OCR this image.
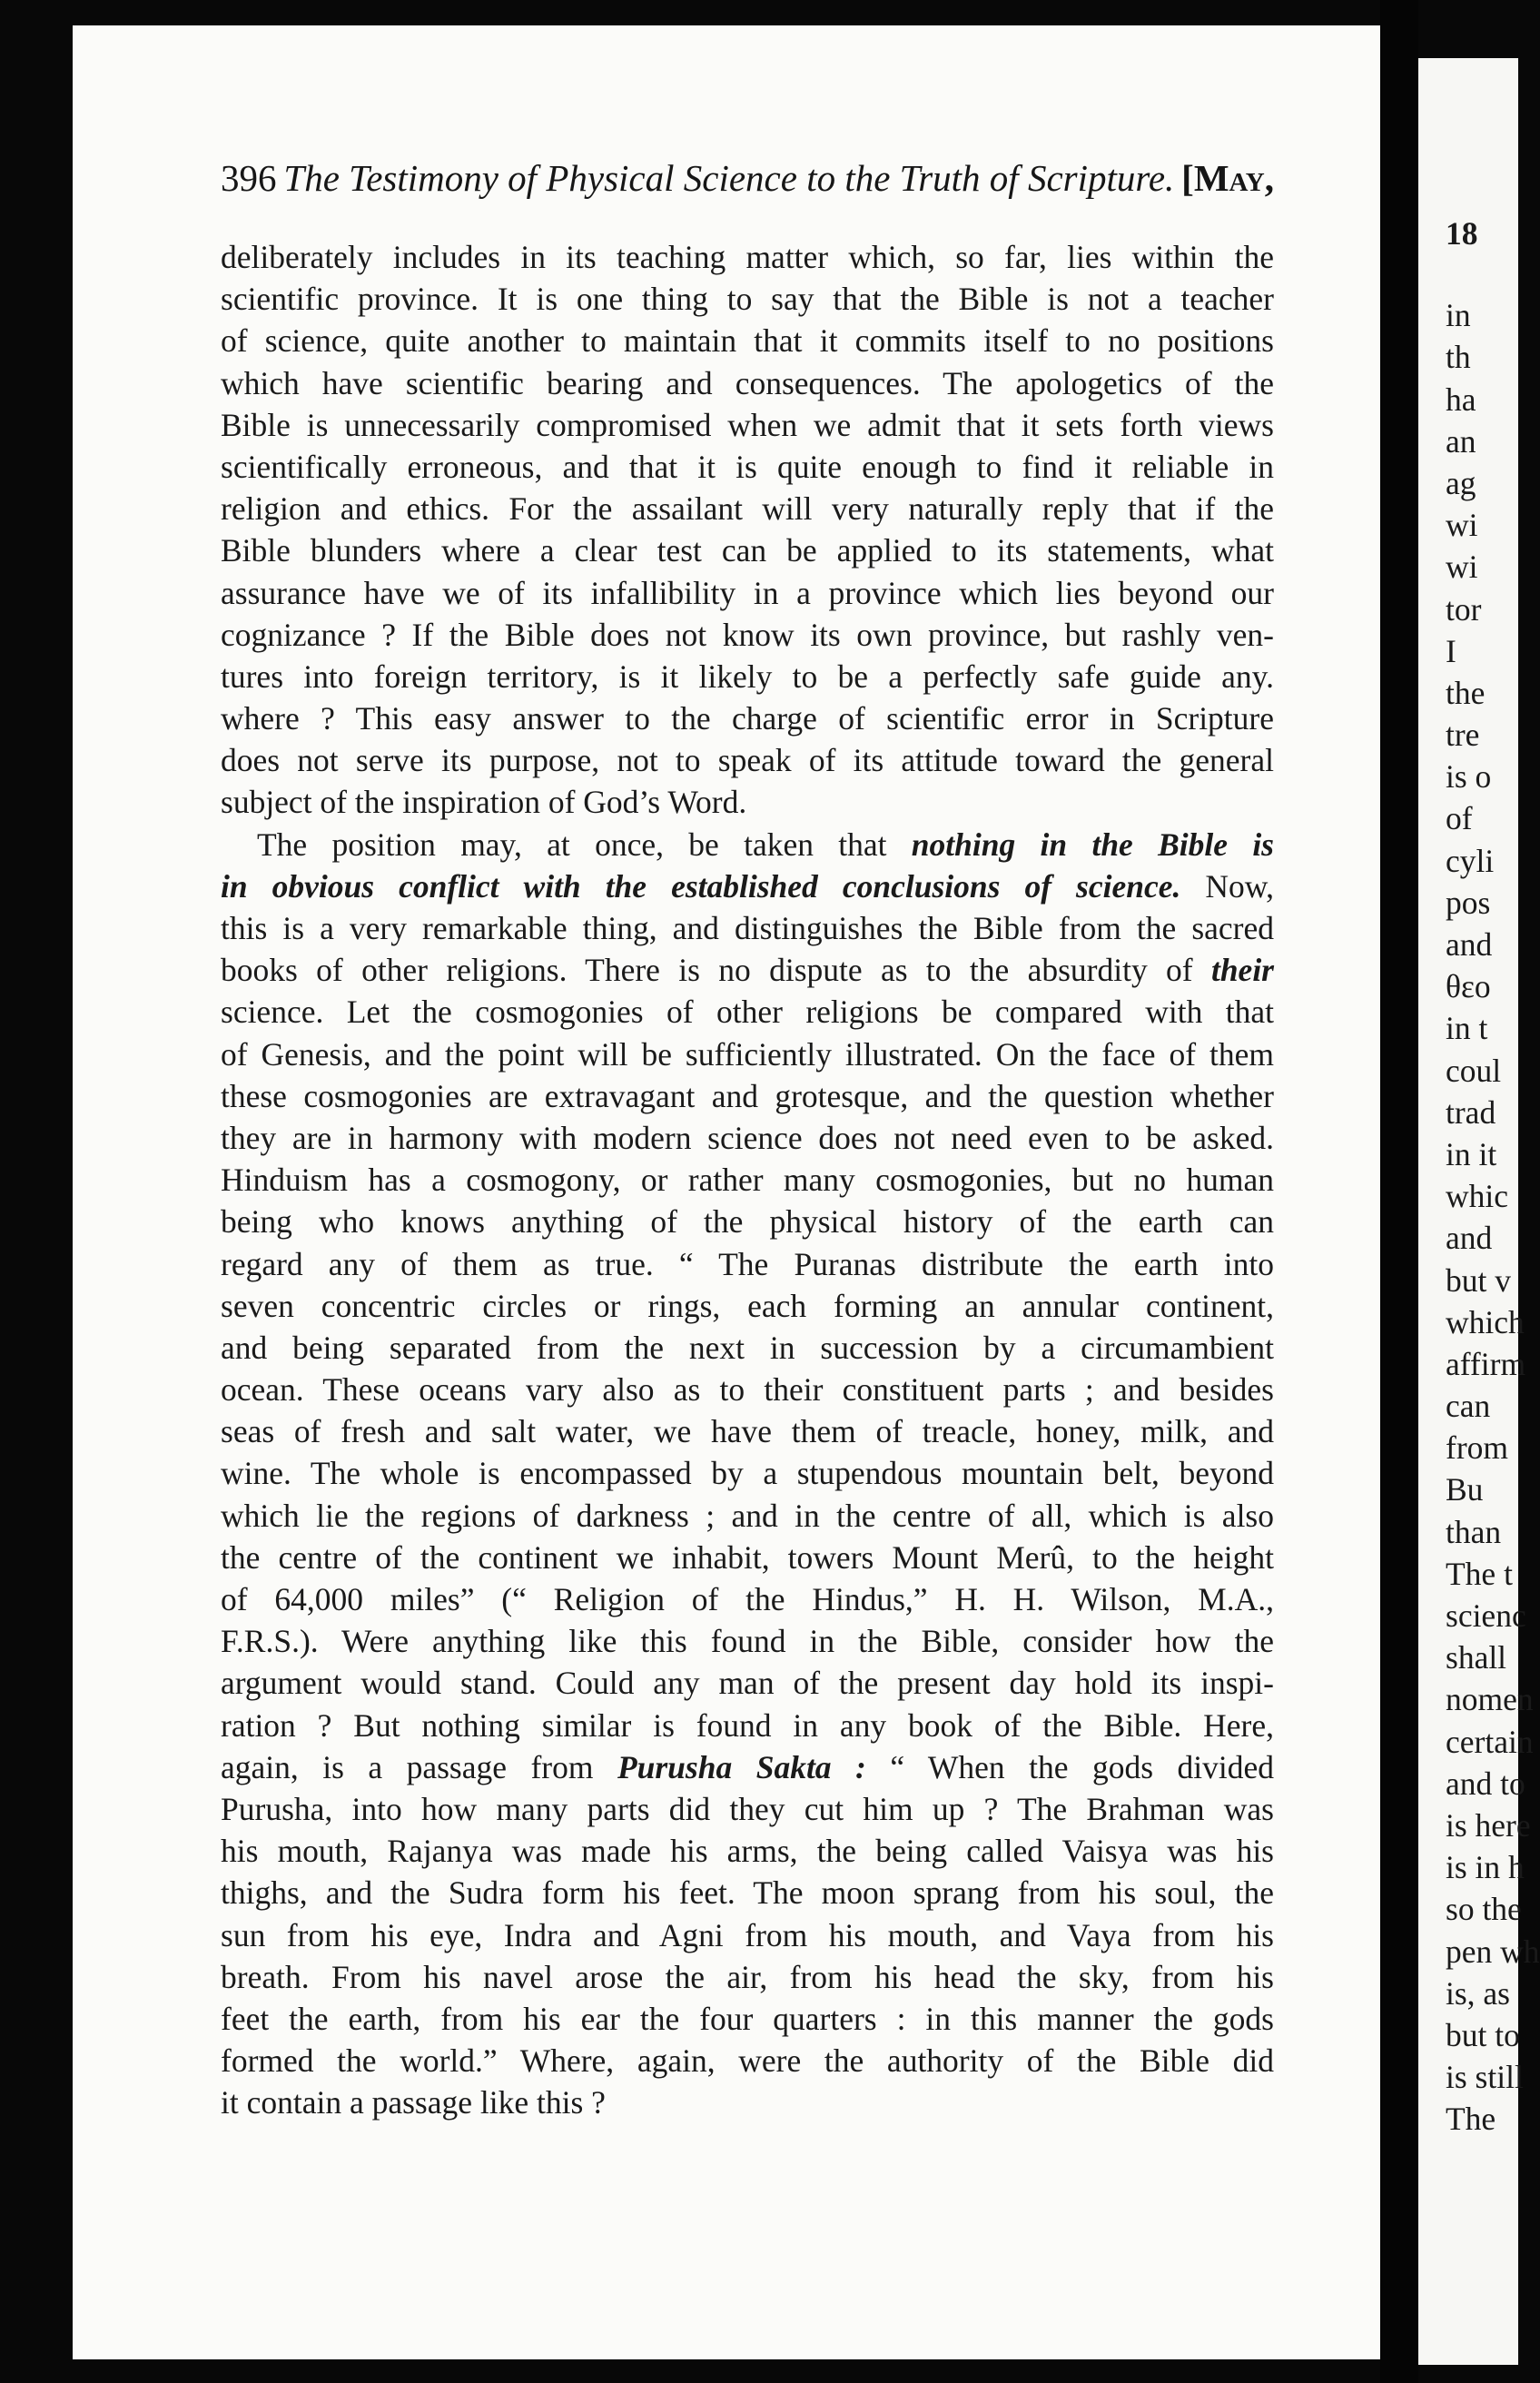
396 The Testimony of Physical Science to the Truth of Scripture. [May,
deliberately includes in its teaching matter which, so far, lies within the
scientific province. It is one thing to say that the Bible is not a teacher
of science, quite another to maintain that it commits itself to no positions
which have scientific bearing and consequences. The apologetics of the
Bible is unnecessarily compromised when we admit that it sets forth views
scientifically erroneous, and that it is quite enough to find it reliable in
religion and ethics. For the assailant will very naturally reply that if the
Bible blunders where a clear test can be applied to its statements, what
assurance have we of its infallibility in a province which lies beyond our
cognizance ? If the Bible does not know its own province, but rashly ven-
tures into foreign territory, is it likely to be a perfectly safe guide any.
where ? This easy answer to the charge of scientific error in Scripture
does not serve its purpose, not to speak of its attitude toward the general
subject of the inspiration of God’s Word.
The position may, at once, be taken that nothing in the Bible is
in obvious conflict with the established conclusions of science. Now,
this is a very remarkable thing, and distinguishes the Bible from the sacred
books of other religions. There is no dispute as to the absurdity of their
science. Let the cosmogonies of other religions be compared with that
of Genesis, and the point will be sufficiently illustrated. On the face of them
these cosmogonies are extravagant and grotesque, and the question whether
they are in harmony with modern science does not need even to be asked.
Hinduism has a cosmogony, or rather many cosmogonies, but no human
being who knows anything of the physical history of the earth can
regard any of them as true. “ The Puranas distribute the earth into
seven concentric circles or rings, each forming an annular continent,
and being separated from the next in succession by a circumambient
ocean. These oceans vary also as to their constituent parts ; and besides
seas of fresh and salt water, we have them of treacle, honey, milk, and
wine. The whole is encompassed by a stupendous mountain belt, beyond
which lie the regions of darkness ; and in the centre of all, which is also
the centre of the continent we inhabit, towers Mount Merû, to the height
of 64,000 miles” (“ Religion of the Hindus,” H. H. Wilson, M.A.,
F.R.S.). Were anything like this found in the Bible, consider how the
argument would stand. Could any man of the present day hold its inspi-
ration ? But nothing similar is found in any book of the Bible. Here,
again, is a passage from Purusha Sakta : “ When the gods divided
Purusha, into how many parts did they cut him up ? The Brahman was
his mouth, Rajanya was made his arms, the being called Vaisya was his
thighs, and the Sudra form his feet. The moon sprang from his soul, the
sun from his eye, Indra and Agni from his mouth, and Vaya from his
breath. From his navel arose the air, from his head the sky, from his
feet the earth, from his ear the four quarters : in this manner the gods
formed the world.” Where, again, were the authority of the Bible did
it contain a passage like this ?
18
in
th
ha
an
ag
wi
wi
tor
I
the
tre
is o
of
cyli
pos
and
θεο
in t
coul
trad
in it
whic
and
but v
which
affirm
can
from
Bu
than
The t
scienc
shall
nomen
certain
and to
is here
is in h
so the
pen wh
is, as
but to
is still
The
